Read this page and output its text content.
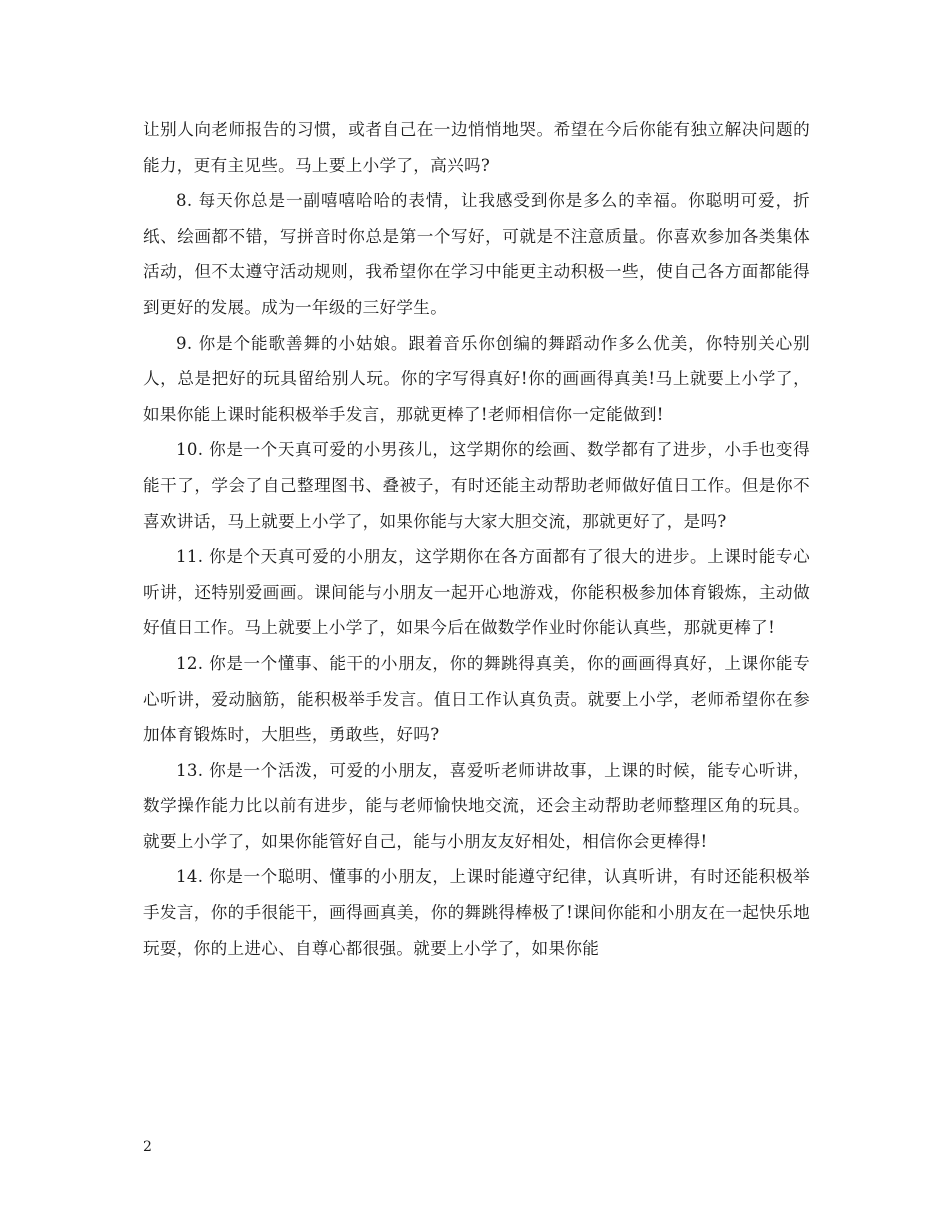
让别人向老师报告的习惯，或者自己在一边悄悄地哭。希望在今后你能有独立解决问题的能力，更有主见些。马上要上小学了，高兴吗?

8. 每天你总是一副嘻嘻哈哈的表情，让我感受到你是多么的幸福。你聪明可爱，折纸、绘画都不错，写拼音时你总是第一个写好，可就是不注意质量。你喜欢参加各类集体活动，但不太遵守活动规则，我希望你在学习中能更主动积极一些，使自己各方面都能得到更好的发展。成为一年级的三好学生。

9. 你是个能歌善舞的小姑娘。跟着音乐你创编的舞蹈动作多么优美，你特别关心别人，总是把好的玩具留给别人玩。你的字写得真好!你的画画得真美!马上就要上小学了，如果你能上课时能积极举手发言，那就更棒了!老师相信你一定能做到!

10. 你是一个天真可爱的小男孩儿，这学期你的绘画、数学都有了进步，小手也变得能干了，学会了自己整理图书、叠被子，有时还能主动帮助老师做好值日工作。但是你不喜欢讲话，马上就要上小学了，如果你能与大家大胆交流，那就更好了，是吗?

11. 你是个天真可爱的小朋友，这学期你在各方面都有了很大的进步。上课时能专心听讲，还特别爱画画。课间能与小朋友一起开心地游戏，你能积极参加体育锻炼，主动做好值日工作。马上就要上小学了，如果今后在做数学作业时你能认真些，那就更棒了!

12. 你是一个懂事、能干的小朋友，你的舞跳得真美，你的画画得真好，上课你能专心听讲，爱动脑筋，能积极举手发言。值日工作认真负责。就要上小学，老师希望你在参加体育锻炼时，大胆些，勇敢些，好吗?

13. 你是一个活泼，可爱的小朋友，喜爱听老师讲故事，上课的时候，能专心听讲，数学操作能力比以前有进步，能与老师愉快地交流，还会主动帮助老师整理区角的玩具。就要上小学了，如果你能管好自己，能与小朋友友好相处，相信你会更棒得!

14. 你是一个聪明、懂事的小朋友，上课时能遵守纪律，认真听讲，有时还能积极举手发言，你的手很能干，画得画真美，你的舞跳得棒极了!课间你能和小朋友在一起快乐地玩耍，你的上进心、自尊心都很强。就要上小学了，如果你能

2
